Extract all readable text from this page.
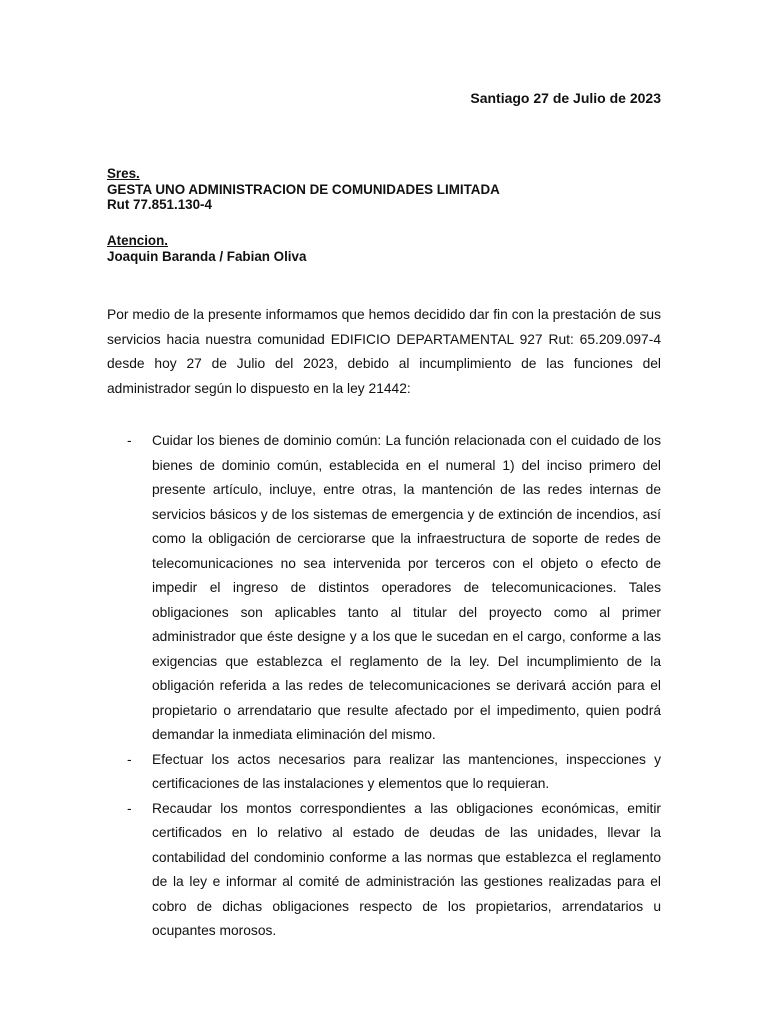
Santiago 27 de Julio de 2023

Sres.
GESTA UNO ADMINISTRACION DE COMUNIDADES LIMITADA
Rut 77.851.130-4
Atencion.
Joaquin Baranda / Fabian Oliva

Por medio de la presente informamos que hemos decidido dar fin con la prestación de sus servicios hacia nuestra comunidad EDIFICIO DEPARTAMENTAL 927 Rut: 65.209.097-4 desde hoy 27 de Julio del 2023, debido al incumplimiento de las funciones del administrador según lo dispuesto en la ley 21442:

- Cuidar los bienes de dominio común: La función relacionada con el cuidado de los bienes de dominio común, establecida en el numeral 1) del inciso primero del presente artículo, incluye, entre otras, la mantención de las redes internas de servicios básicos y de los sistemas de emergencia y de extinción de incendios, así como la obligación de cerciorarse que la infraestructura de soporte de redes de telecomunicaciones no sea intervenida por terceros con el objeto o efecto de impedir el ingreso de distintos operadores de telecomunicaciones. Tales obligaciones son aplicables tanto al titular del proyecto como al primer administrador que éste designe y a los que le sucedan en el cargo, conforme a las exigencias que establezca el reglamento de la ley. Del incumplimiento de la obligación referida a las redes de telecomunicaciones se derivará acción para el propietario o arrendatario que resulte afectado por el impedimento, quien podrá demandar la inmediata eliminación del mismo.
- Efectuar los actos necesarios para realizar las mantenciones, inspecciones y certificaciones de las instalaciones y elementos que lo requieran.
- Recaudar los montos correspondientes a las obligaciones económicas, emitir certificados en lo relativo al estado de deudas de las unidades, llevar la contabilidad del condominio conforme a las normas que establezca el reglamento de la ley e informar al comité de administración las gestiones realizadas para el cobro de dichas obligaciones respecto de los propietarios, arrendatarios u ocupantes morosos.
